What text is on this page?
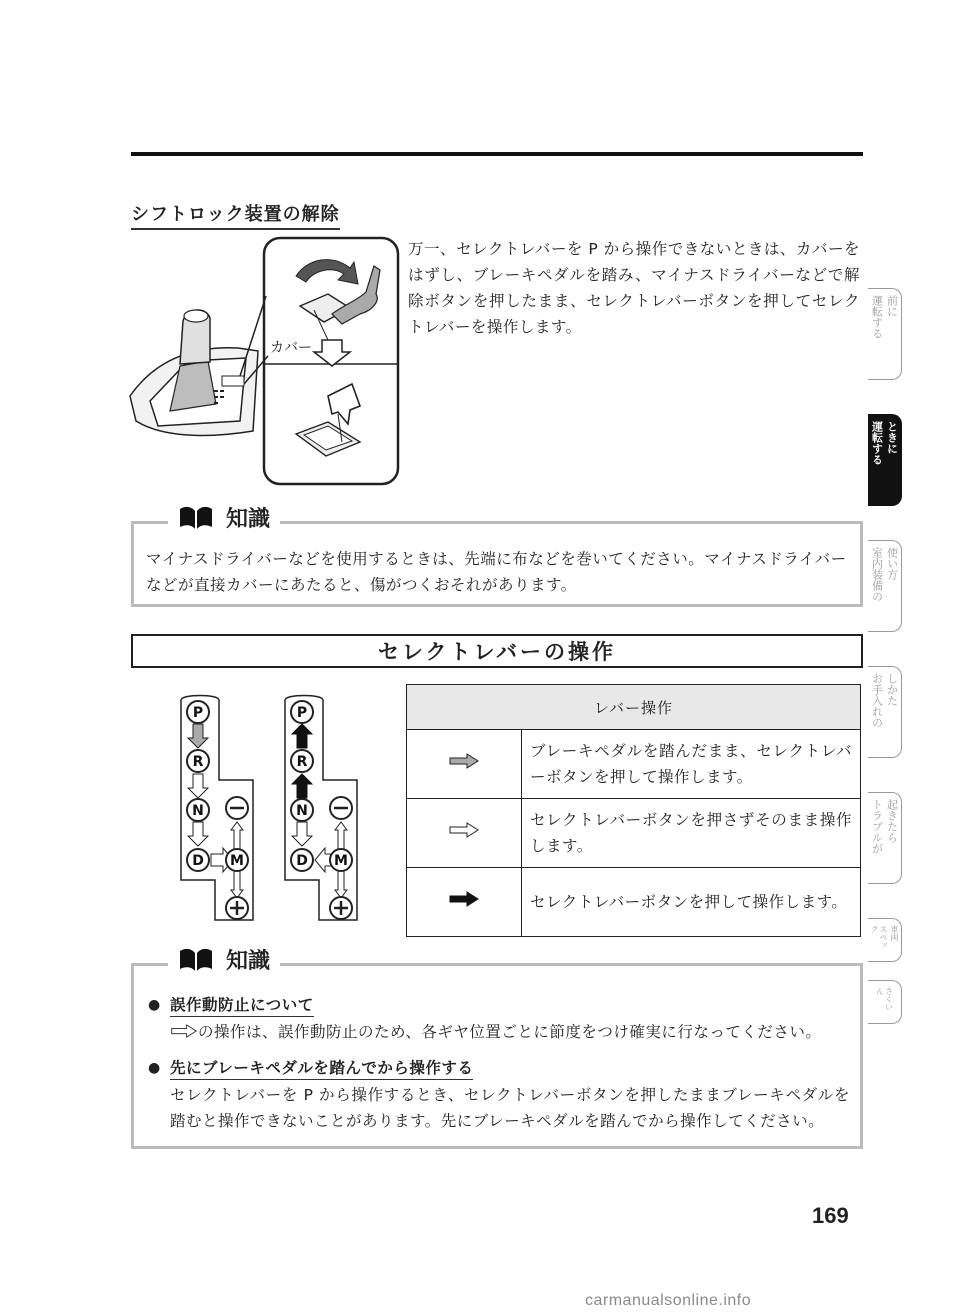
シフトロック装置の解除
カバー
万一、セレクトレバーを P から操作できないときは、カバーをはずし、ブレーキペダルを踏み、マイナスドライバーなどで解除ボタンを押したまま、セレクトレバーボタンを押してセレクトレバーを操作します。
知識
マイナスドライバーなどを使用するときは、先端に布などを巻いてください。マイナスドライバーなどが直接カバーにあたると、傷がつくおそれがあります。
セレクトレバーの操作
P
R
N
D M
P
R
N
D M
レバー操作	
	ブレーキペダルを踏んだまま、セレクトレバーボタンを押して操作します。
	セレクトレバーボタンを押さずそのまま操作します。
	セレクトレバーボタンを押して操作します。
知識
● 誤作動防止について
の操作は、誤作動防止のため、各ギヤ位置ごとに節度をつけ確実に行なってください。
● 先にブレーキペダルを踏んでから操作する
セレクトレバーを P から操作するとき、セレクトレバーボタンを押したままブレーキペダルを踏むと操作できないことがあります。先にブレーキペダルを踏んでから操作してください。
169
運転する 前に
運転する ときに
室内装備の 使い方
お手入れの しかた
トラブルが 起きたら
スペック	車両
さくいん
carmanualsonline.info
